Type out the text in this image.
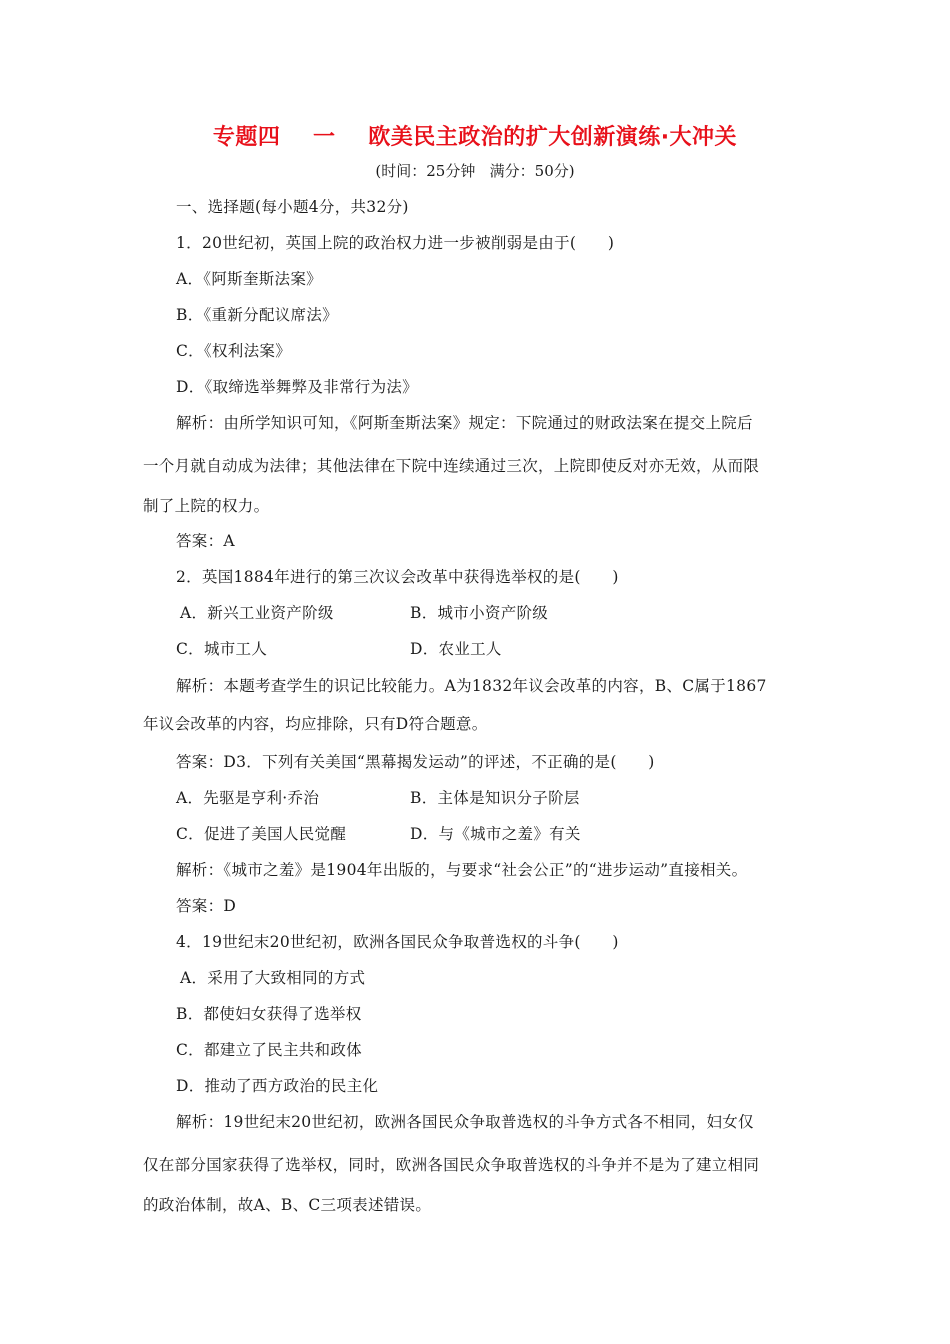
专题四    一    欧美民主政治的扩大创新演练·大冲关
(时间：25分钟   满分：50分)
一、选择题(每小题4分，共32分)
1．20世纪初，英国上院的政治权力进一步被削弱是由于(　　)
A．《阿斯奎斯法案》
B．《重新分配议席法》
C．《权利法案》
D．《取缔选举舞弊及非常行为法》
解析：由所学知识可知，《阿斯奎斯法案》规定：下院通过的财政法案在提交上院后
一个月就自动成为法律；其他法律在下院中连续通过三次，上院即使反对亦无效，从而限
制了上院的权力。
答案：A
2．英国1884年进行的第三次议会改革中获得选举权的是(　　)
A．新兴工业资产阶级	B．城市小资产阶级
C．城市工人	D．农业工人
解析：本题考查学生的识记比较能力。A为1832年议会改革的内容，B、C属于1867
年议会改革的内容，均应排除，只有D符合题意。
答案：D3．下列有关美国“黑幕揭发运动”的评述，不正确的是(　　)
A．先驱是亨利·乔治	B．主体是知识分子阶层
C．促进了美国人民觉醒	D．与《城市之羞》有关
解析：《城市之羞》是1904年出版的，与要求“社会公正”的“进步运动”直接相关。
答案：D
4．19世纪末20世纪初，欧洲各国民众争取普选权的斗争(　　)
A．采用了大致相同的方式
B．都使妇女获得了选举权
C．都建立了民主共和政体
D．推动了西方政治的民主化
解析：19世纪末20世纪初，欧洲各国民众争取普选权的斗争方式各不相同，妇女仅
仅在部分国家获得了选举权，同时，欧洲各国民众争取普选权的斗争并不是为了建立相同
的政治体制，故A、B、C三项表述错误。
